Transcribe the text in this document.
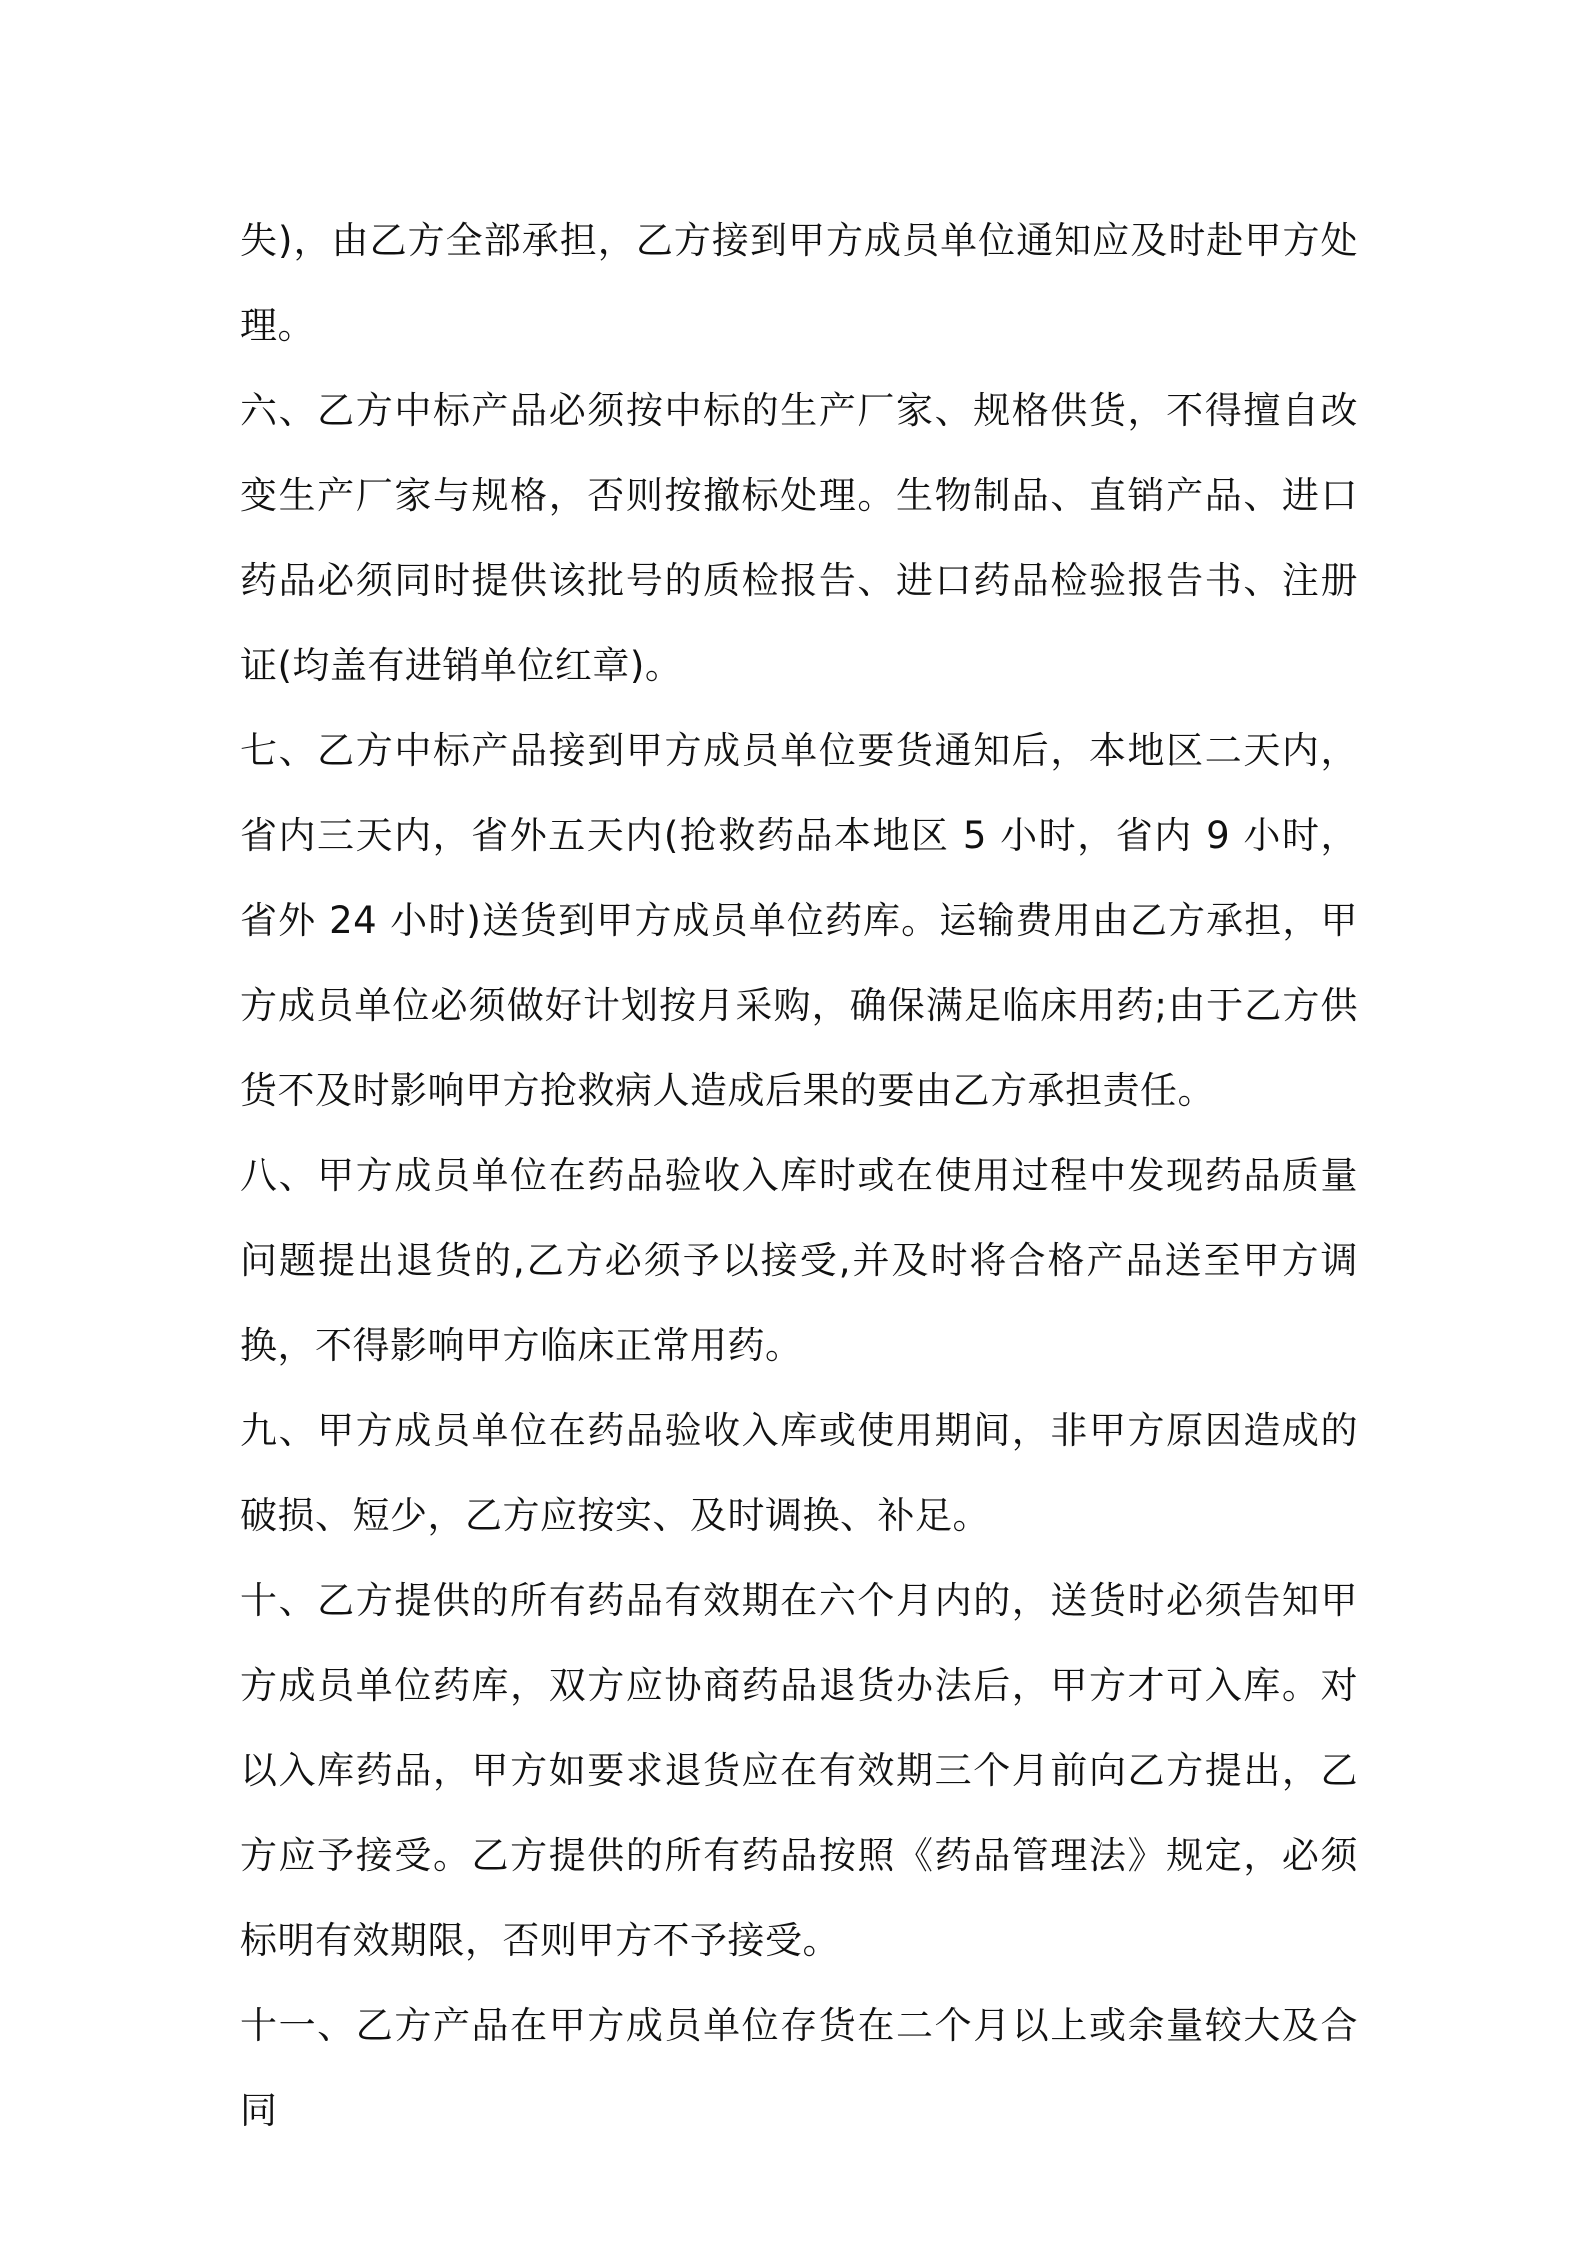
失)，由乙方全部承担，乙方接到甲方成员单位通知应及时赴甲方处理。

六、乙方中标产品必须按中标的生产厂家、规格供货，不得擅自改变生产厂家与规格，否则按撤标处理。生物制品、直销产品、进口药品必须同时提供该批号的质检报告、进口药品检验报告书、注册证(均盖有进销单位红章)。

七、乙方中标产品接到甲方成员单位要货通知后，本地区二天内，省内三天内，省外五天内(抢救药品本地区 5 小时，省内 9 小时，省外 24 小时)送货到甲方成员单位药库。运输费用由乙方承担，甲方成员单位必须做好计划按月采购，确保满足临床用药;由于乙方供货不及时影响甲方抢救病人造成后果的要由乙方承担责任。

八、甲方成员单位在药品验收入库时或在使用过程中发现药品质量问题提出退货的,乙方必须予以接受,并及时将合格产品送至甲方调换，不得影响甲方临床正常用药。

九、甲方成员单位在药品验收入库或使用期间，非甲方原因造成的破损、短少，乙方应按实、及时调换、补足。

十、乙方提供的所有药品有效期在六个月内的，送货时必须告知甲方成员单位药库，双方应协商药品退货办法后，甲方才可入库。对以入库药品，甲方如要求退货应在有效期三个月前向乙方提出，乙方应予接受。乙方提供的所有药品按照《药品管理法》规定，必须标明有效期限，否则甲方不予接受。

十一、乙方产品在甲方成员单位存货在二个月以上或余量较大及合同
